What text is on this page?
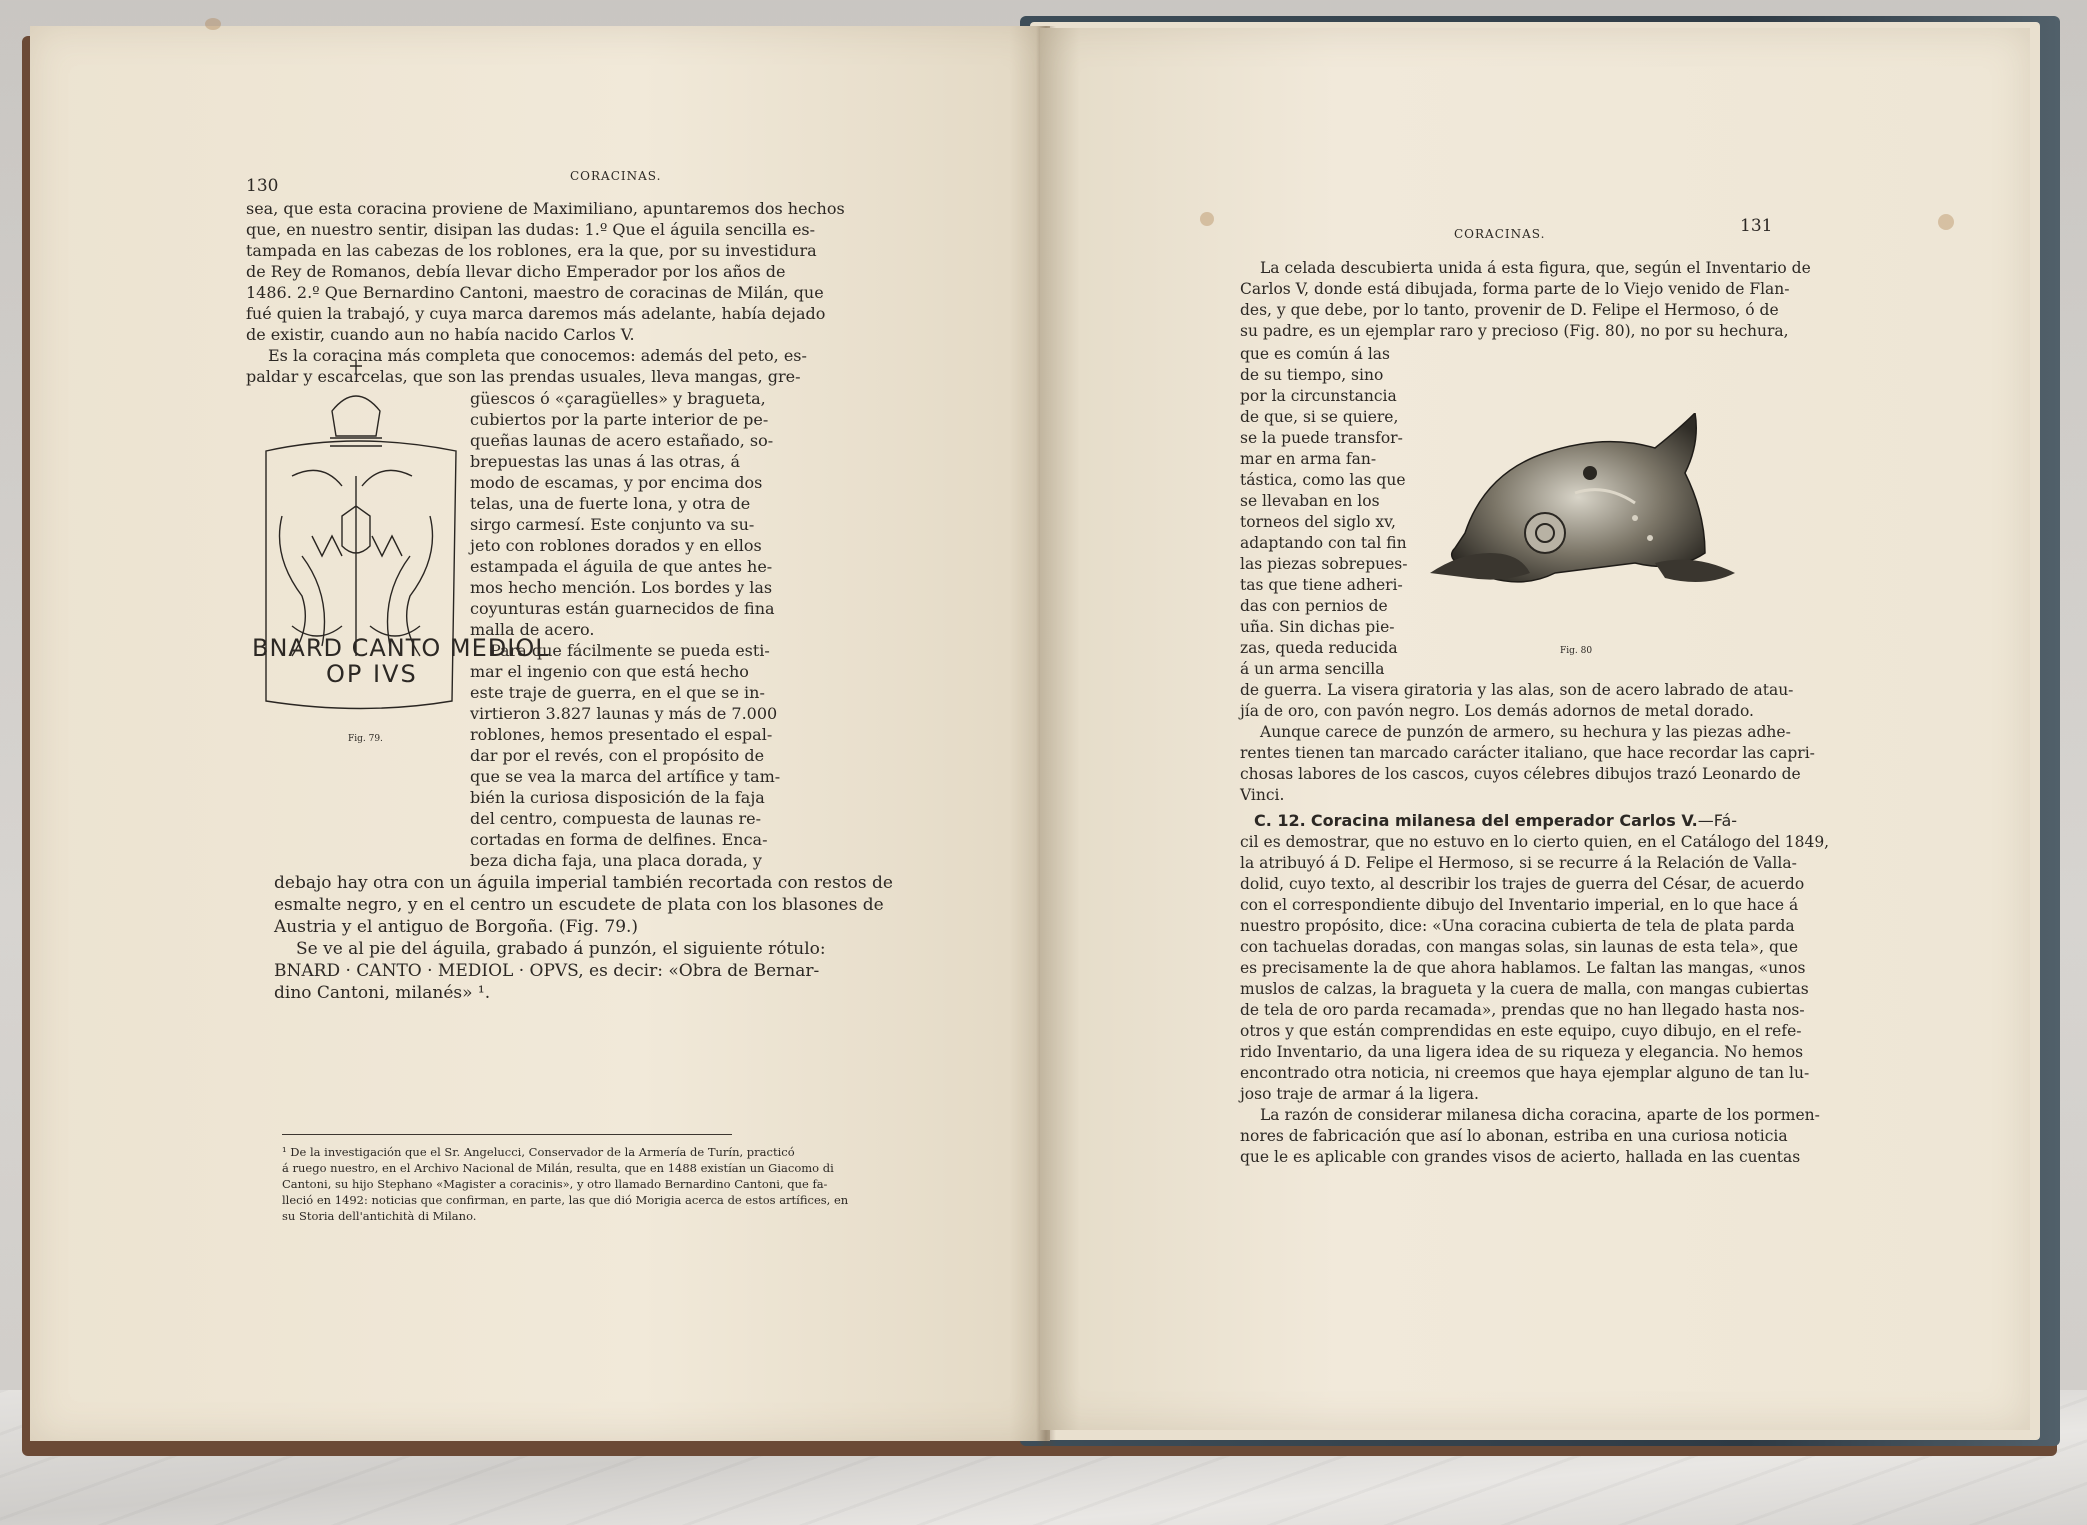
130	CORACINAS.
sea, que esta coracina proviene de Maximiliano, apuntaremos dos hechos
que, en nuestro sentir, disipan las dudas: 1.º Que el águila sencilla es-
tampada en las cabezas de los roblones, era la que, por su investidura
de Rey de Romanos, debía llevar dicho Emperador por los años de
1486. 2.º Que Bernardino Cantoni, maestro de coracinas de Milán, que
fué quien la trabajó, y cuya marca daremos más adelante, había dejado
de existir, cuando aun no había nacido Carlos V.
Es la coracina más completa que conocemos: además del peto, es-
paldar y escarcelas, que son las prendas usuales, lleva mangas, gre-
BNARD CANTO MEDIOL
OP IVS
Fig. 79.
güescos ó «çaragüelles» y bragueta,
cubiertos por la parte interior de pe-
queñas launas de acero estañado, so-
brepuestas las unas á las otras, á
modo de escamas, y por encima dos
telas, una de fuerte lona, y otra de
sirgo carmesí. Este conjunto va su-
jeto con roblones dorados y en ellos
estampada el águila de que antes he-
mos hecho mención. Los bordes y las
coyunturas están guarnecidos de fina
malla de acero.
Para que fácilmente se pueda esti-
mar el ingenio con que está hecho
este traje de guerra, en el que se in-
virtieron 3.827 launas y más de 7.000
roblones, hemos presentado el espal-
dar por el revés, con el propósito de
que se vea la marca del artífice y tam-
bién la curiosa disposición de la faja
del centro, compuesta de launas re-
cortadas en forma de delfines. Enca-
beza dicha faja, una placa dorada, y
debajo hay otra con un águila imperial también recortada con restos de
esmalte negro, y en el centro un escudete de plata con los blasones de
Austria y el antiguo de Borgoña. (Fig. 79.)
Se ve al pie del águila, grabado á punzón, el siguiente rótulo:
BNARD · CANTO · MEDIOL · OPVS, es decir: «Obra de Bernar-
dino Cantoni, milanés» ¹.
¹ De la investigación que el Sr. Angelucci, Conservador de la Armería de Turín, practicó
á ruego nuestro, en el Archivo Nacional de Milán, resulta, que en 1488 existían un Giacomo di
Cantoni, su hijo Stephano «Magister a coracinis», y otro llamado Bernardino Cantoni, que fa-
lleció en 1492: noticias que confirman, en parte, las que dió Morigia acerca de estos artífices, en
su Storia dell'antichità di Milano.
CORACINAS.	131
La celada descubierta unida á esta figura, que, según el Inventario de
Carlos V, donde está dibujada, forma parte de lo Viejo venido de Flan-
des, y que debe, por lo tanto, provenir de D. Felipe el Hermoso, ó de
su padre, es un ejemplar raro y precioso (Fig. 80), no por su hechura,
que es común á las
de su tiempo, sino
por la circunstancia
de que, si se quiere,
se la puede transfor-
mar en arma fan-
tástica, como las que
se llevaban en los
torneos del siglo xv,
adaptando con tal fin
las piezas sobrepues-
tas que tiene adheri-
das con pernios de
uña. Sin dichas pie-
zas, queda reducida
á un arma sencilla
Fig. 80
de guerra. La visera giratoria y las alas, son de acero labrado de atau-
jía de oro, con pavón negro. Los demás adornos de metal dorado.
Aunque carece de punzón de armero, su hechura y las piezas adhe-
rentes tienen tan marcado carácter italiano, que hace recordar las capri-
chosas labores de los cascos, cuyos célebres dibujos trazó Leonardo de
Vinci.
C. 12. Coracina milanesa del emperador Carlos V.—Fá-
cil es demostrar, que no estuvo en lo cierto quien, en el Catálogo del 1849,
la atribuyó á D. Felipe el Hermoso, si se recurre á la Relación de Valla-
dolid, cuyo texto, al describir los trajes de guerra del César, de acuerdo
con el correspondiente dibujo del Inventario imperial, en lo que hace á
nuestro propósito, dice: «Una coracina cubierta de tela de plata parda
con tachuelas doradas, con mangas solas, sin launas de esta tela», que
es precisamente la de que ahora hablamos. Le faltan las mangas, «unos
muslos de calzas, la bragueta y la cuera de malla, con mangas cubiertas
de tela de oro parda recamada», prendas que no han llegado hasta nos-
otros y que están comprendidas en este equipo, cuyo dibujo, en el refe-
rido Inventario, da una ligera idea de su riqueza y elegancia. No hemos
encontrado otra noticia, ni creemos que haya ejemplar alguno de tan lu-
joso traje de armar á la ligera.
La razón de considerar milanesa dicha coracina, aparte de los pormen-
nores de fabricación que así lo abonan, estriba en una curiosa noticia
que le es aplicable con grandes visos de acierto, hallada en las cuentas
